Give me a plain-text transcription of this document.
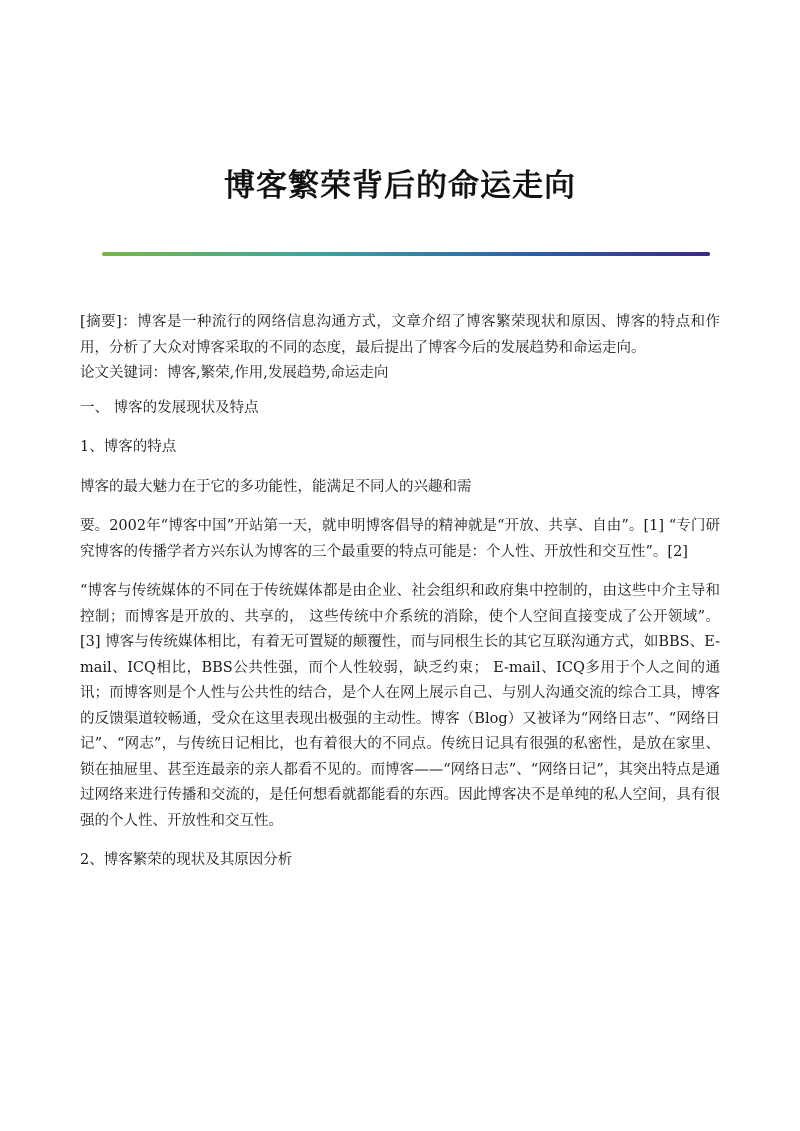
博客繁荣背后的命运走向

[摘要]：博客是一种流行的网络信息沟通方式，文章介绍了博客繁荣现状和原因、博客的特点和作用，分析了大众对博客采取的不同的态度，最后提出了博客今后的发展趋势和命运走向。

论文关键词：博客,繁荣,作用,发展趋势,命运走向

一、 博客的发展现状及特点

1、博客的特点

博客的最大魅力在于它的多功能性，能满足不同人的兴趣和需

要。2002年“博客中国”开站第一天，就申明博客倡导的精神就是“开放、共享、自由”。[1] “专门研究博客的传播学者方兴东认为博客的三个最重要的特点可能是：个人性、开放性和交互性”。[2]

“博客与传统媒体的不同在于传统媒体都是由企业、社会组织和政府集中控制的，由这些中介主导和控制；而博客是开放的、共享的， 这些传统中介系统的消除，使个人空间直接变成了公开领域”。[3] 博客与传统媒体相比，有着无可置疑的颠覆性，而与同根生长的其它互联沟通方式，如BBS、E-mail、ICQ相比，BBS公共性强，而个人性较弱，缺乏约束； E-mail、ICQ多用于个人之间的通讯；而博客则是个人性与公共性的结合，是个人在网上展示自己、与别人沟通交流的综合工具，博客的反馈渠道较畅通，受众在这里表现出极强的主动性。博客（Blog）又被译为“网络日志”、“网络日记”、“网志”，与传统日记相比，也有着很大的不同点。传统日记具有很强的私密性，是放在家里、锁在抽屉里、甚至连最亲的亲人都看不见的。而博客——“网络日志”、“网络日记”，其突出特点是通过网络来进行传播和交流的，是任何想看就都能看的东西。因此博客决不是单纯的私人空间，具有很强的个人性、开放性和交互性。

2、博客繁荣的现状及其原因分析
